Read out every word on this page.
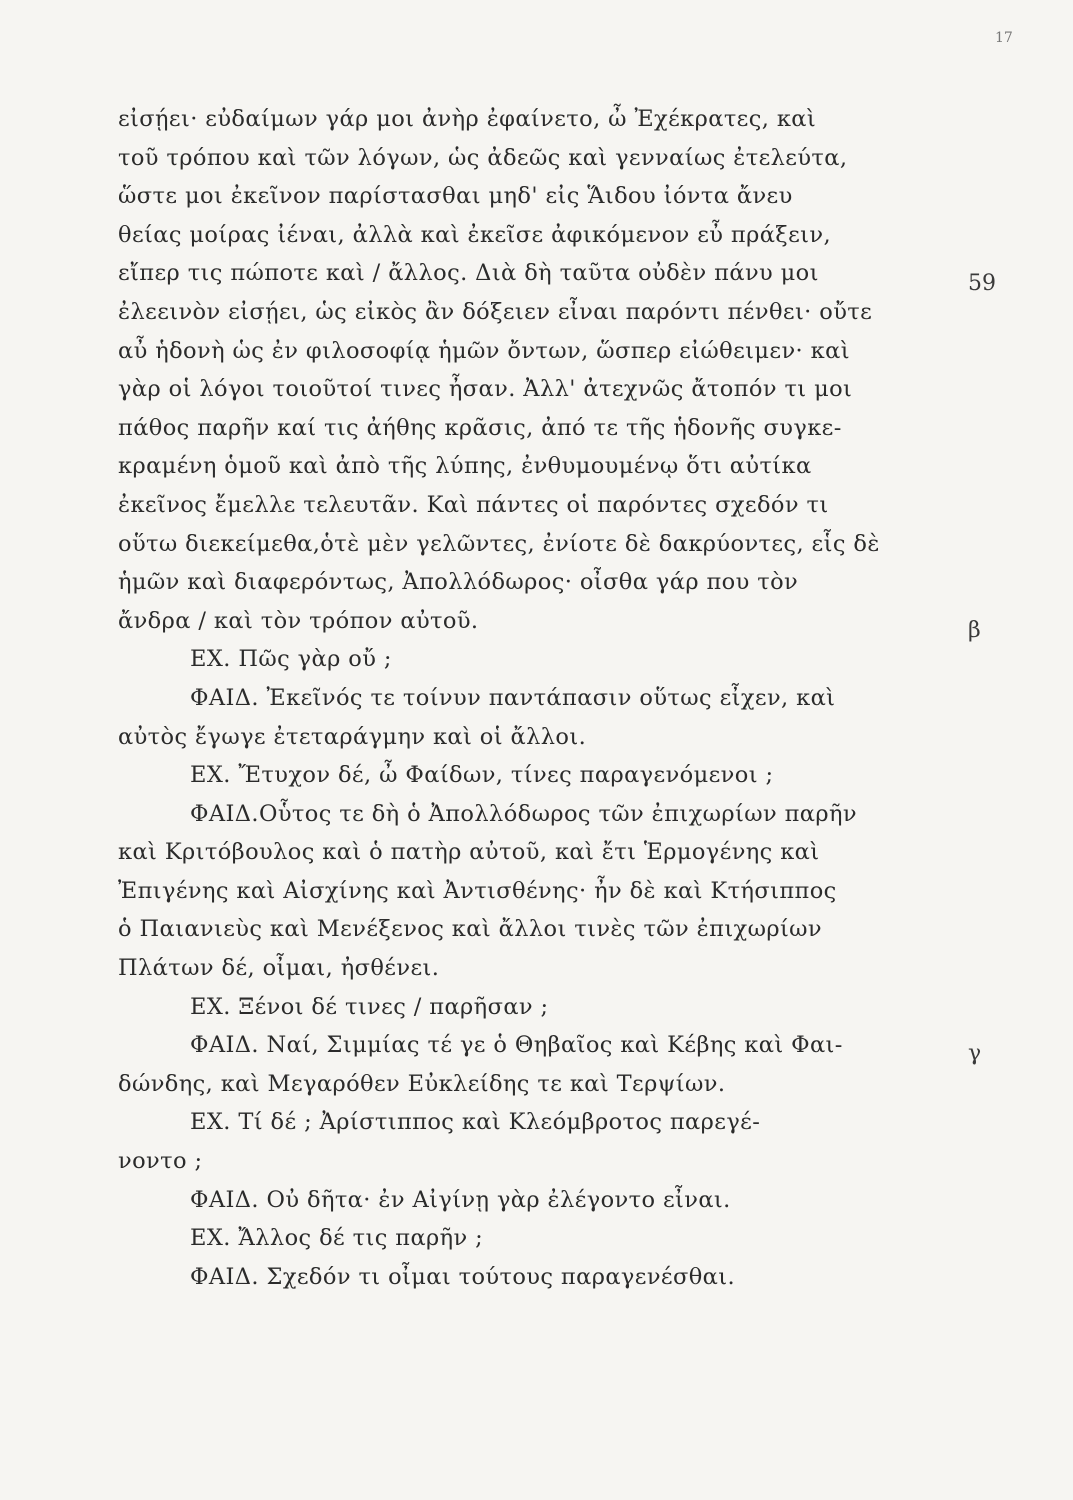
17
εἰσῄει· εὐδαίμων γάρ μοι ἀνὴρ ἐφαίνετο, ὦ Ἐχέκρατες, καὶ
τοῦ τρόπου καὶ τῶν λόγων, ὡς ἀδεῶς καὶ γενναίως ἐτελεύτα,
ὥστε μοι ἐκεῖνον παρίστασθαι μηδ' εἰς Ἅιδου ἰόντα ἄνευ
θείας μοίρας ἰέναι, ἀλλὰ καὶ ἐκεῖσε ἀφικόμενον εὖ πράξειν,
εἴπερ τις πώποτε καὶ / ἄλλος. Διὰ δὴ ταῦτα οὐδὲν πάνυ μοι
ἐλεεινὸν εἰσῄει, ὡς εἰκὸς ἂν δόξειεν εἶναι παρόντι πένθει· οὔτε
αὖ ἡδονὴ ὡς ἐν φιλοσοφίᾳ ἡμῶν ὄντων, ὥσπερ εἰώθειμεν· καὶ
γὰρ οἱ λόγοι τοιοῦτοί τινες ἦσαν. Ἀλλ' ἀτεχνῶς ἄτοπόν τι μοι
πάθος παρῆν καί τις ἀήθης κρᾶσις, ἀπό τε τῆς ἡδονῆς συγκε-
κραμένη ὁμοῦ καὶ ἀπὸ τῆς λύπης, ἐνθυμουμένῳ ὅτι αὐτίκα
ἐκεῖνος ἔμελλε τελευτᾶν. Καὶ πάντες οἱ παρόντες σχεδόν τι
οὕτω διεκείμεθα,ὁτὲ μὲν γελῶντες, ἐνίοτε δὲ δακρύοντες, εἷς δὲ
ἡμῶν καὶ διαφερόντως, Ἀπολλόδωρος· οἶσθα γάρ που τὸν
ἄνδρα / καὶ τὸν τρόπον αὐτοῦ.
ΕΧ. Πῶς γὰρ οὔ ;
ΦΑΙΔ. Ἐκεῖνός τε τοίνυν παντάπασιν οὕτως εἶχεν, καὶ
αὐτὸς ἔγωγε ἐτεταράγμην καὶ οἱ ἄλλοι.
ΕΧ. Ἔτυχον δέ, ὦ Φαίδων, τίνες παραγενόμενοι ;
ΦΑΙΔ.Οὗτος τε δὴ ὁ Ἀπολλόδωρος τῶν ἐπιχωρίων παρῆν
καὶ Κριτόβουλος καὶ ὁ πατὴρ αὐτοῦ, καὶ ἔτι Ἑρμογένης καὶ
Ἐπιγένης καὶ Αἰσχίνης καὶ Ἀντισθένης· ἦν δὲ καὶ Κτήσιππος
ὁ Παιανιεὺς καὶ Μενέξενος καὶ ἄλλοι τινὲς τῶν ἐπιχωρίων
Πλάτων δέ, οἶμαι, ἠσθένει.
ΕΧ. Ξένοι δέ τινες / παρῆσαν ;
ΦΑΙΔ. Ναί, Σιμμίας τέ γε ὁ Θηβαῖος καὶ Κέβης καὶ Φαι-
δώνδης, καὶ Μεγαρόθεν Εὐκλείδης τε καὶ Τερψίων.
ΕΧ. Τί δέ ; Ἀρίστιππος καὶ Κλεόμβροτος παρεγέ-
νοντο ;
ΦΑΙΔ. Οὐ δῆτα· ἐν Αἰγίνῃ γὰρ ἐλέγοντο εἶναι.
ΕΧ. Ἄλλος δέ τις παρῆν ;
ΦΑΙΔ. Σχεδόν τι οἶμαι τούτους παραγενέσθαι.
59
β
γ
